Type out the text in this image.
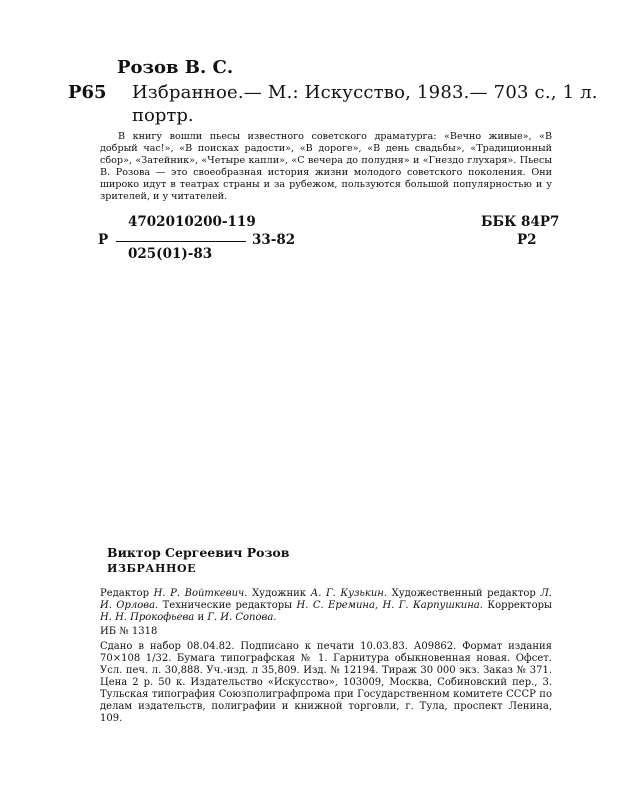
Розов В. С.
Р65 Избранное.— М.: Искусство, 1983.— 703 с., 1 л.
портр.

В книгу вошли пьесы известного советского драматурга: «Вечно живые», «В добрый час!», «В поисках радости», «В дороге», «В день свадьбы», «Традиционный сбор», «Затейник», «Четыре капли», «С вечера до полудня» и «Гнездо глухаря». Пьесы В. Розова — это своеобразная история жизни молодого советского поколения. Они широко идут в театрах страны и за рубежом, пользуются большой популярностью и у зрителей, и у читателей.

4702010200-119
Р	33-82
025(01)-83
ББК 84Р7
Р2
Виктор Сергеевич Розов
ИЗБРАННОЕ

Редактор Н. Р. Войткевич. Художник А. Г. Кузькин. Художественный редактор Л. И. Орлова. Технические редакторы Н. С. Еремина, Н. Г. Карпушкина. Корректоры Н. Н. Прокофьева и Г. И. Сопова.

ИБ № 1318

Сдано в набор 08.04.82. Подписано к печати 10.03.83. А09862. Формат издания 70×108 1/32. Бумага типографская № 1. Гарнитура обыкновенная новая. Офсет. Усл. печ. л. 30,888. Уч.-изд. л 35,809. Изд. № 12194. Тираж 30 000 экз. Заказ № 371. Цена 2 р. 50 к. Издательство «Искусство», 103009, Москва, Собиновский пер., 3. Тульская типография Союзполиграфпрома при Государственном комитете СССР по делам издательств, полиграфии и книжной торговли, г. Тула, проспект Ленина, 109.
